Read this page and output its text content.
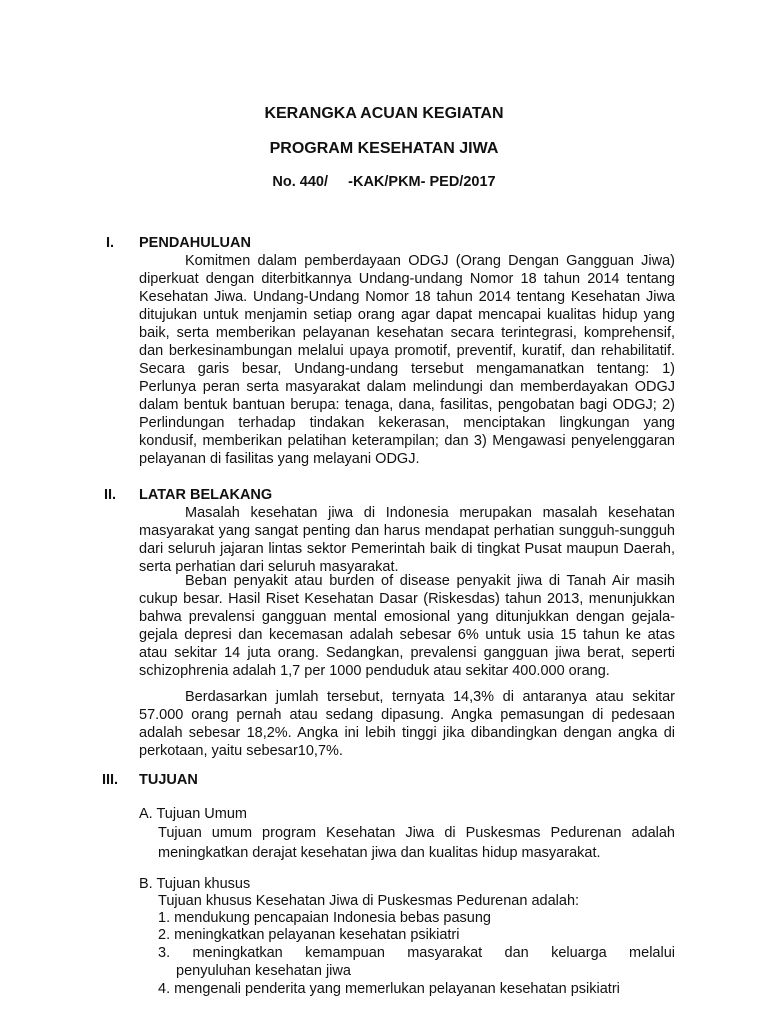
KERANGKA ACUAN KEGIATAN
PROGRAM KESEHATAN JIWA
No. 440/     -KAK/PKM- PED/2017
I.	PENDAHULUAN
Komitmen dalam pemberdayaan ODGJ (Orang Dengan Gangguan Jiwa) diperkuat dengan diterbitkannya Undang-undang Nomor 18 tahun 2014 tentang Kesehatan Jiwa. Undang-Undang Nomor 18 tahun 2014 tentang Kesehatan Jiwa ditujukan untuk menjamin setiap orang agar dapat mencapai kualitas hidup yang baik, serta memberikan pelayanan kesehatan secara terintegrasi, komprehensif, dan berkesinambungan melalui upaya promotif, preventif, kuratif, dan rehabilitatif. Secara garis besar, Undang-undang tersebut mengamanatkan tentang: 1) Perlunya peran serta masyarakat dalam melindungi dan memberdayakan ODGJ dalam bentuk bantuan berupa: tenaga, dana, fasilitas, pengobatan bagi ODGJ; 2) Perlindungan terhadap tindakan kekerasan, menciptakan lingkungan yang kondusif, memberikan pelatihan keterampilan; dan 3) Mengawasi penyelenggaran pelayanan di fasilitas yang melayani ODGJ.
II.	LATAR BELAKANG
Masalah kesehatan jiwa di Indonesia merupakan masalah kesehatan masyarakat yang sangat penting dan harus mendapat perhatian sungguh-sungguh dari seluruh jajaran lintas sektor Pemerintah baik di tingkat Pusat maupun Daerah, serta perhatian dari seluruh masyarakat.
Beban penyakit atau burden of disease penyakit jiwa di Tanah Air masih cukup besar. Hasil Riset Kesehatan Dasar (Riskesdas) tahun 2013, menunjukkan bahwa prevalensi gangguan mental emosional yang ditunjukkan dengan gejala-gejala depresi dan kecemasan adalah sebesar 6% untuk usia 15 tahun ke atas atau sekitar 14 juta orang. Sedangkan, prevalensi gangguan jiwa berat, seperti schizophrenia adalah 1,7 per 1000 penduduk atau sekitar 400.000 orang.
Berdasarkan jumlah tersebut, ternyata 14,3% di antaranya atau sekitar 57.000 orang pernah atau sedang dipasung. Angka pemasungan di pedesaan adalah sebesar 18,2%. Angka ini lebih tinggi jika dibandingkan dengan angka di perkotaan, yaitu sebesar10,7%.
III.	TUJUAN
A. Tujuan Umum
Tujuan umum program Kesehatan Jiwa di Puskesmas Pedurenan adalah meningkatkan derajat kesehatan jiwa dan kualitas hidup masyarakat.
B. Tujuan khusus
Tujuan khusus Kesehatan Jiwa di Puskesmas Pedurenan adalah:
1. mendukung pencapaian Indonesia bebas pasung
2. meningkatkan pelayanan kesehatan psikiatri
3. meningkatkan kemampuan masyarakat dan keluarga melalui
penyuluhan kesehatan jiwa
4. mengenali penderita yang memerlukan pelayanan kesehatan psikiatri
